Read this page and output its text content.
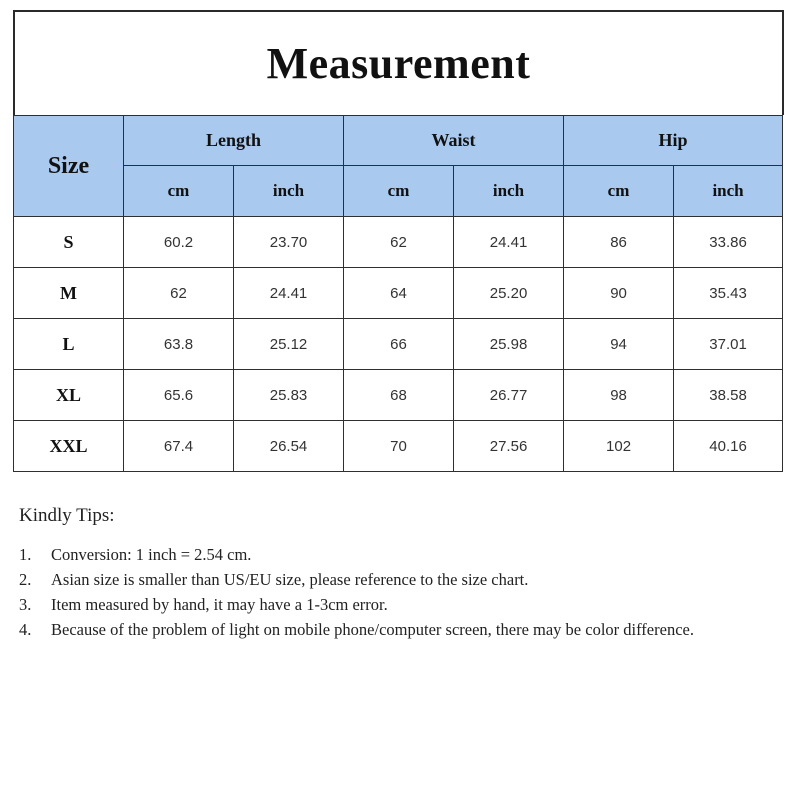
Measurement
Size	Length		Waist		Hip	
	cm	inch	cm	inch	cm	inch
S	60.2	23.70	62	24.41	86	33.86
M	62	24.41	64	25.20	90	35.43
L	63.8	25.12	66	25.98	94	37.01
XL	65.6	25.83	68	26.77	98	38.58
XXL	67.4	26.54	70	27.56	102	40.16
Kindly Tips:
1.	Conversion: 1 inch = 2.54 cm.
2.	Asian size is smaller than US/EU size, please reference to the size chart.
3.	Item measured by hand, it may have a 1-3cm error.
4.	Because of the problem of light on mobile phone/computer screen, there may be color difference.
